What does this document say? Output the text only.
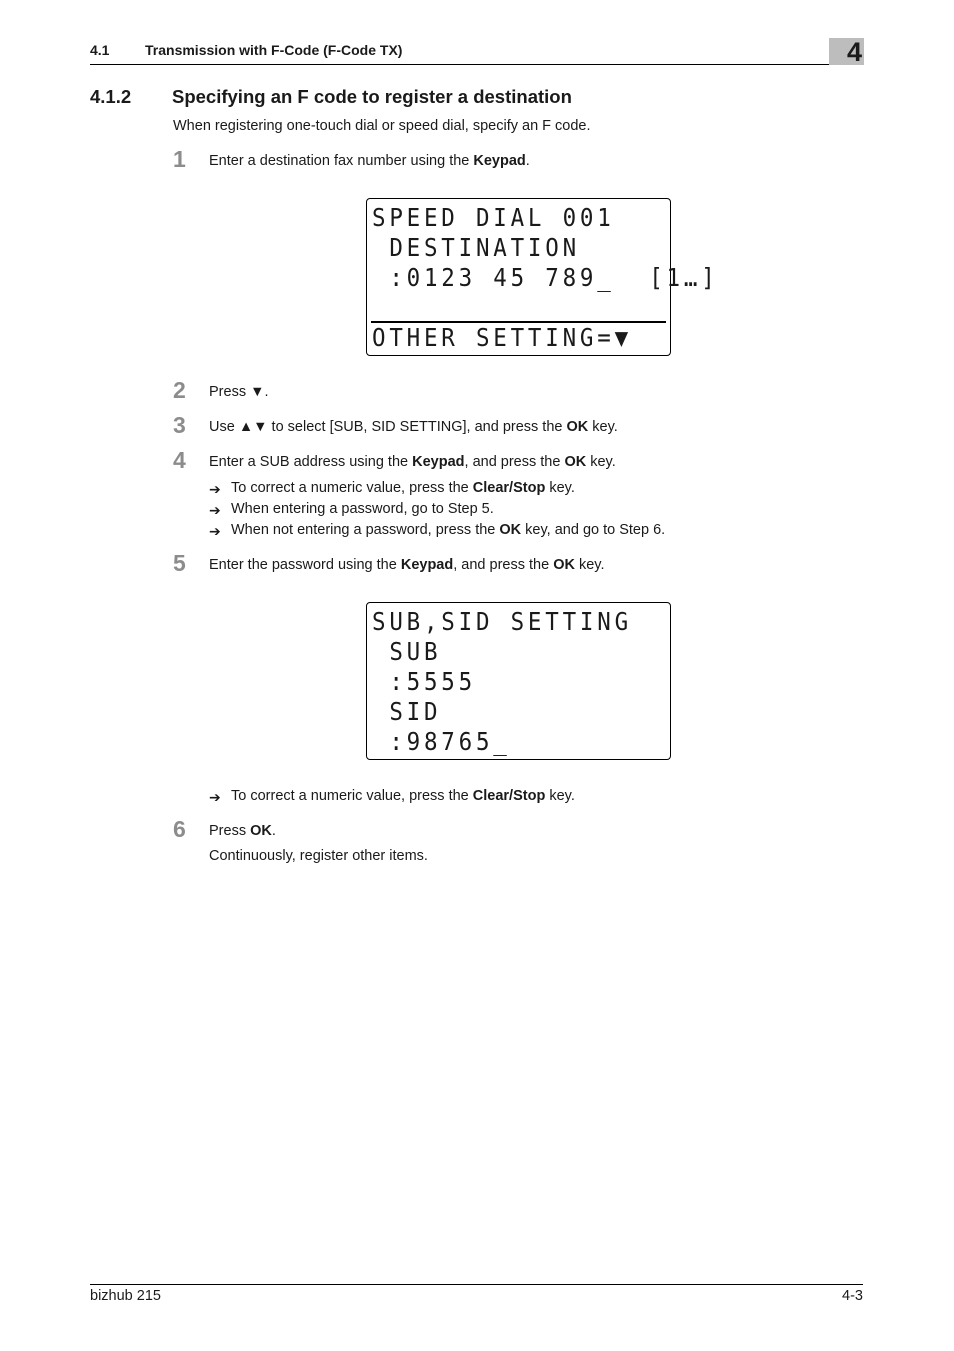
4.1	Transmission with F-Code (F-Code TX)	4
4.1.2 Specifying an F code to register a destination
When registering one-touch dial or speed dial, specify an F code.
1 Enter a destination fax number using the Keypad.
SPEED DIAL 001
DESTINATION
:0123 45 789_  [1…]
OTHER SETTING=▼
2 Press ▼.
3 Use ▲▼ to select [SUB, SID SETTING], and press the OK key.
4 Enter a SUB address using the Keypad, and press the OK key.
➔ To correct a numeric value, press the Clear/Stop key.
➔ When entering a password, go to Step 5.
➔ When not entering a password, press the OK key, and go to Step 6.
5 Enter the password using the Keypad, and press the OK key.
SUB,SID SETTING
SUB
:5555
SID
:98765_
➔ To correct a numeric value, press the Clear/Stop key.
6 Press OK.
Continuously, register other items.
bizhub 215	4-3
